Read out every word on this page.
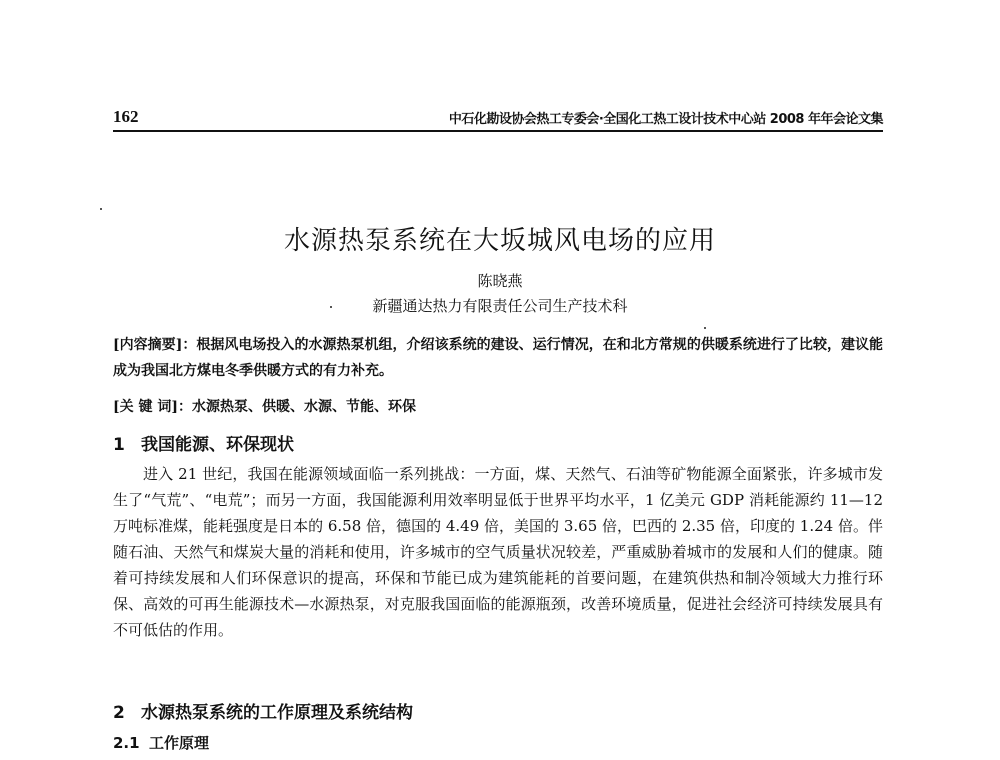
162	中石化勘设协会热工专委会·全国化工热工设计技术中心站 2008 年年会论文集
水源热泵系统在大坂城风电场的应用
陈晓燕
新疆通达热力有限责任公司生产技术科
[内容摘要]：根据风电场投入的水源热泵机组，介绍该系统的建设、运行情况，在和北方常规的供暖系统进行了比较，建议能成为我国北方煤电冬季供暖方式的有力补充。
[关 键 词]：水源热泵、供暖、水源、节能、环保
1 我国能源、环保现状
进入 21 世纪，我国在能源领域面临一系列挑战：一方面，煤、天然气、石油等矿物能源全面紧张，许多城市发生了“气荒”、“电荒”；而另一方面，我国能源利用效率明显低于世界平均水平，1 亿美元 GDP 消耗能源约 11—12 万吨标准煤，能耗强度是日本的 6.58 倍，德国的 4.49 倍，美国的 3.65 倍，巴西的 2.35 倍，印度的 1.24 倍。伴随石油、天然气和煤炭大量的消耗和使用，许多城市的空气质量状况较差，严重威胁着城市的发展和人们的健康。随着可持续发展和人们环保意识的提高，环保和节能已成为建筑能耗的首要问题，在建筑供热和制冷领域大力推行环保、高效的可再生能源技术—水源热泵，对克服我国面临的能源瓶颈，改善环境质量，促进社会经济可持续发展具有不可低估的作用。
2 水源热泵系统的工作原理及系统结构
2.1 工作原理
